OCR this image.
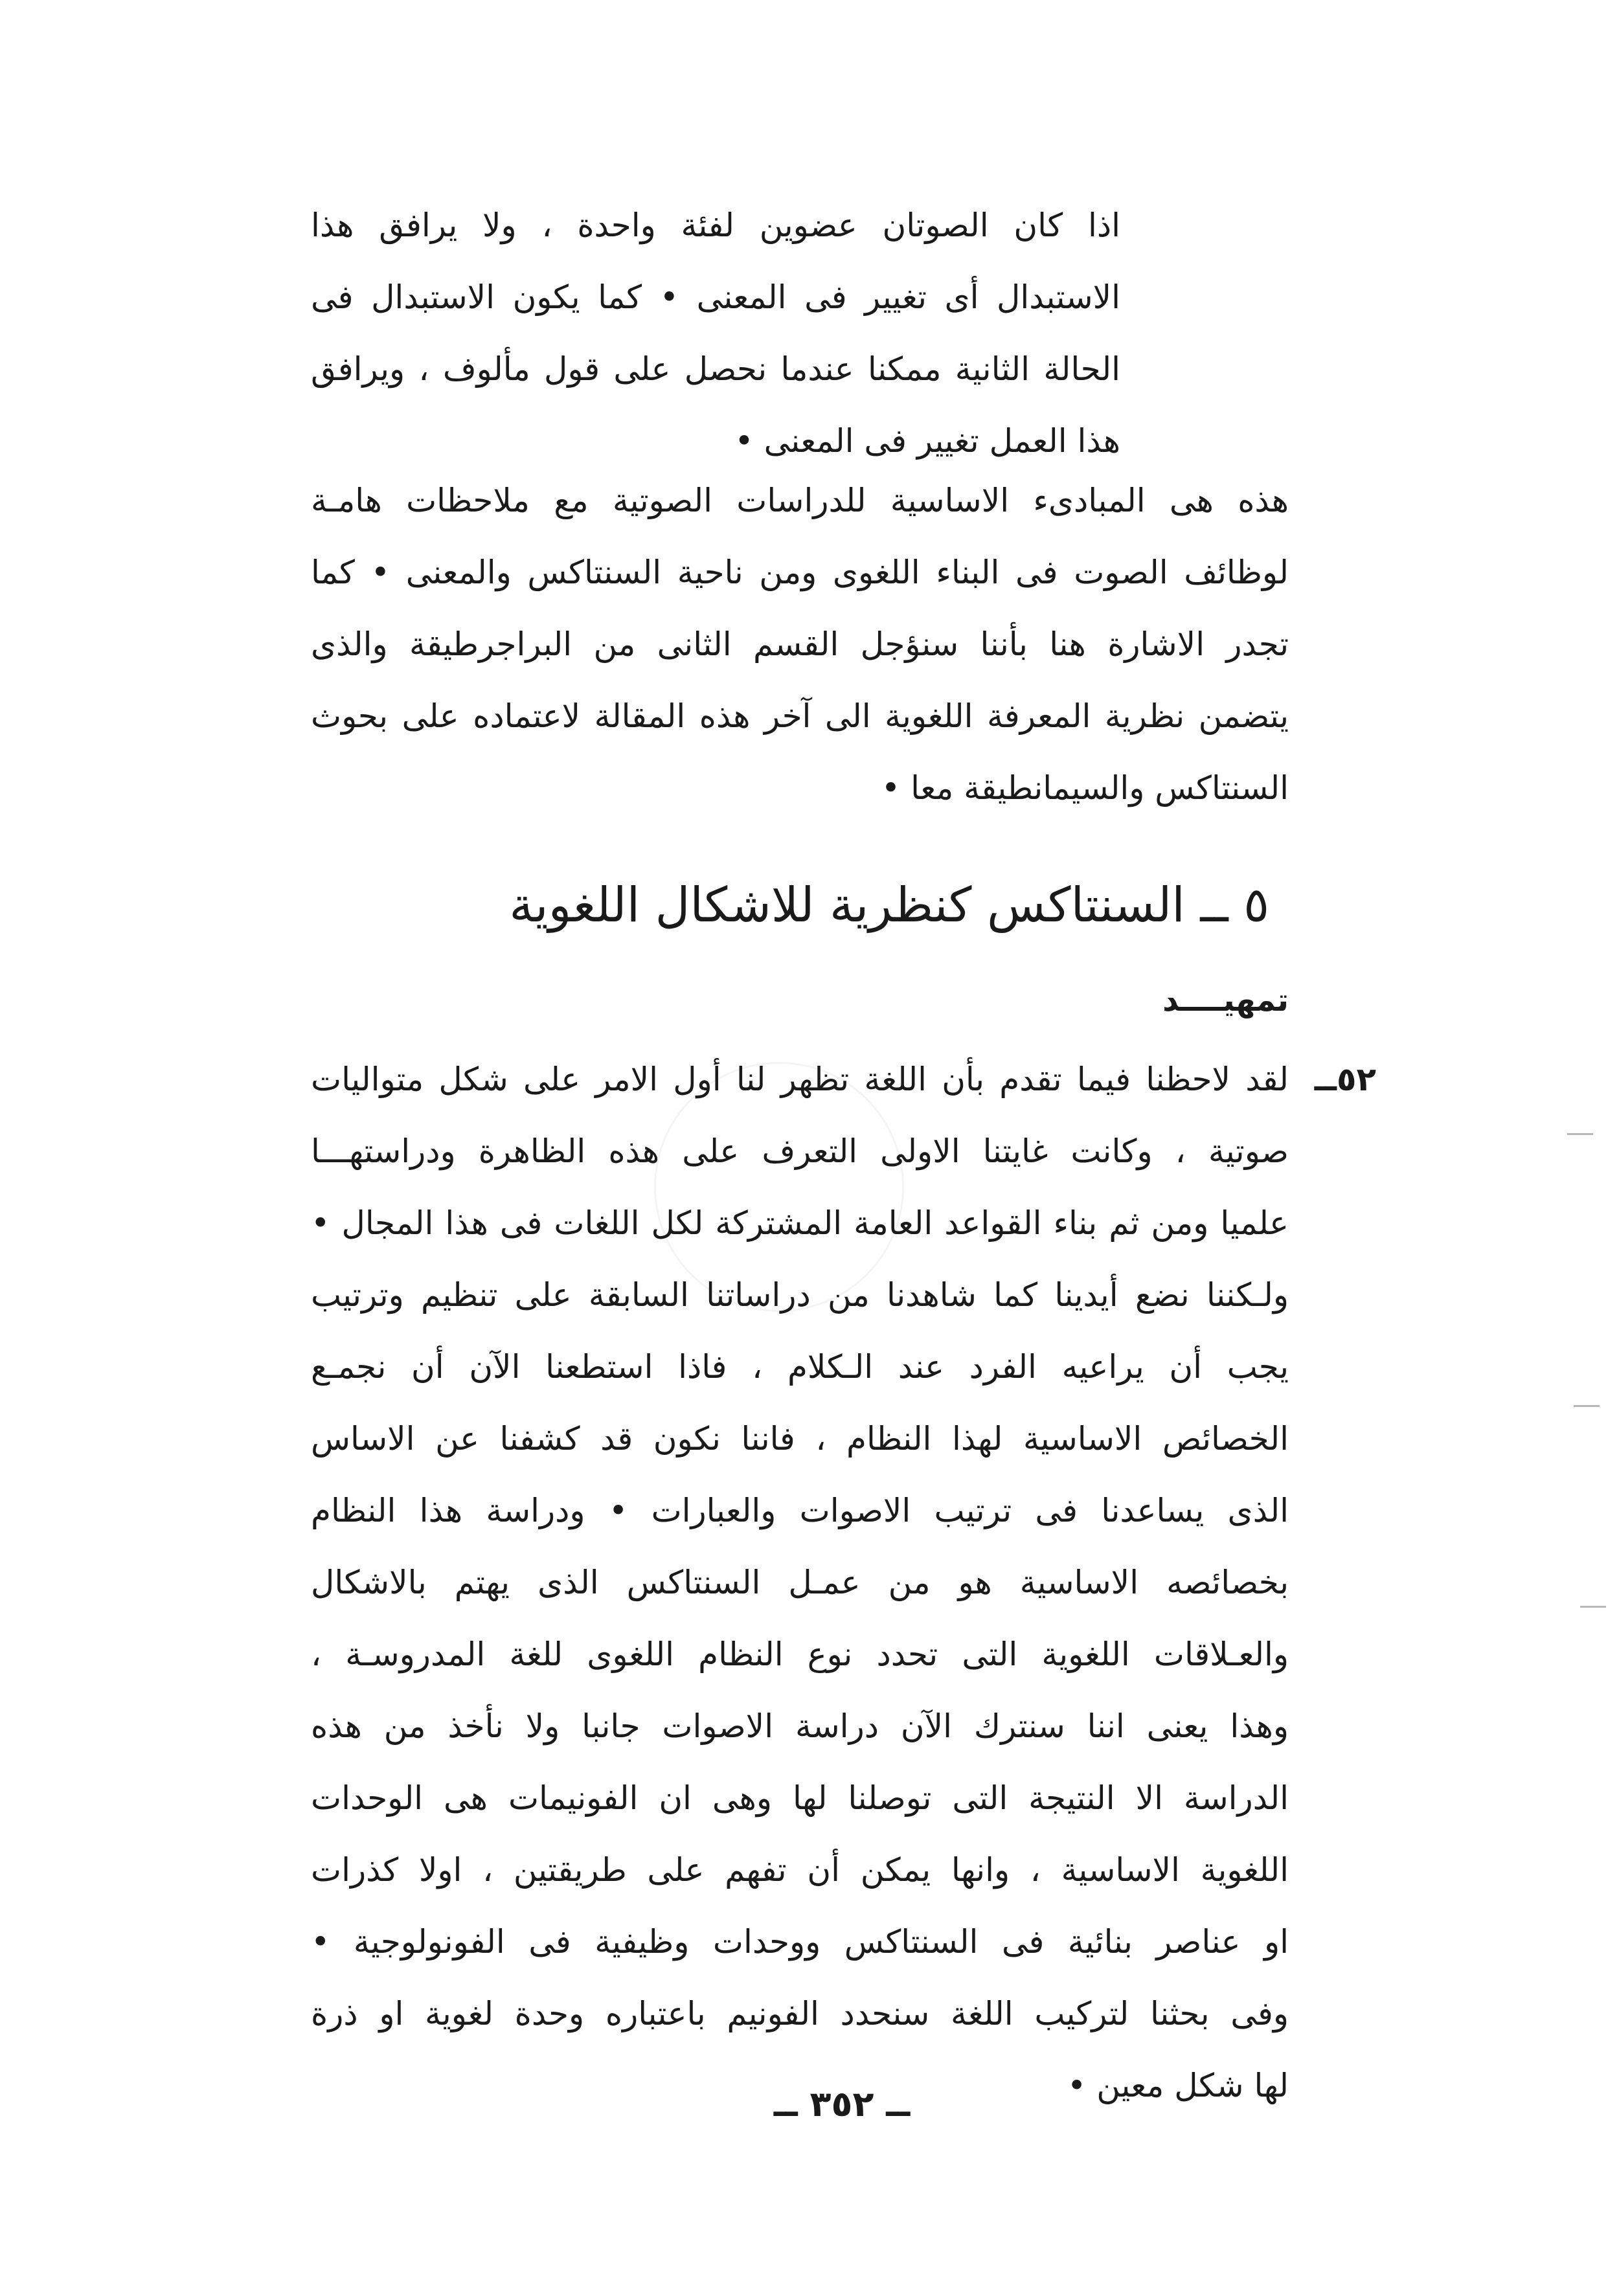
اذا كان الصوتان عضوين لفئة واحدة ، ولا يرافق هذا
الاستبدال أى تغيير فى المعنى • كما يكون الاستبدال فى
الحالة الثانية ممكنا عندما نحصل على قول مألوف ، ويرافق
هذا العمل تغيير فى المعنى •
هذه هى المبادىء الاساسية للدراسات الصوتية مع ملاحظات هامـة
لوظائف الصوت فى البناء اللغوى ومن ناحية السنتاكس والمعنى • كما
تجدر الاشارة هنا بأننا سنؤجل القسم الثانى من البراجرطيقة والذى
يتضمن نظرية المعرفة اللغوية الى آخر هذه المقالة لاعتماده على بحوث
السنتاكس والسيمانطيقة معا •
٥ ــ السنتاكس كنظرية للاشكال اللغوية
تمهيــــد
٥٢ــ
لقد لاحظنا فيما تقدم بأن اللغة تظهر لنا أول الامر على شكل متواليات
صوتية ، وكانت غايتنا الاولى التعرف على هذه الظاهرة ودراستهـــا
علميا ومن ثم بناء القواعد العامة المشتركة لكل اللغات فى هذا المجال •
ولـكننا نضع أيدينا كما شاهدنا من دراساتنا السابقة على تنظيم وترتيب
يجب أن يراعيه الفرد عند الـكلام ، فاذا استطعنا الآن أن نجمـع
الخصائص الاساسية لهذا النظام ، فاننا نكون قد كشفنا عن الاساس
الذى يساعدنا فى ترتيب الاصوات والعبارات • ودراسة هذا النظام
بخصائصه الاساسية هو من عمـل السنتاكس الذى يهتم بالاشكال
والعـلاقات اللغوية التى تحدد نوع النظام اللغوى للغة المدروسـة ،
وهذا يعنى اننا سنترك الآن دراسة الاصوات جانبا ولا نأخذ من هذه
الدراسة الا النتيجة التى توصلنا لها وهى ان الفونيمات هى الوحدات
اللغوية الاساسية ، وانها يمكن أن تفهم على طريقتين ، اولا كذرات
او عناصر بنائية فى السنتاكس ووحدات وظيفية فى الفونولوجية •
وفى بحثنا لتركيب اللغة سنحدد الفونيم باعتباره وحدة لغوية او ذرة
لها شكل معين •
ــ ٣٥٢ ــ
